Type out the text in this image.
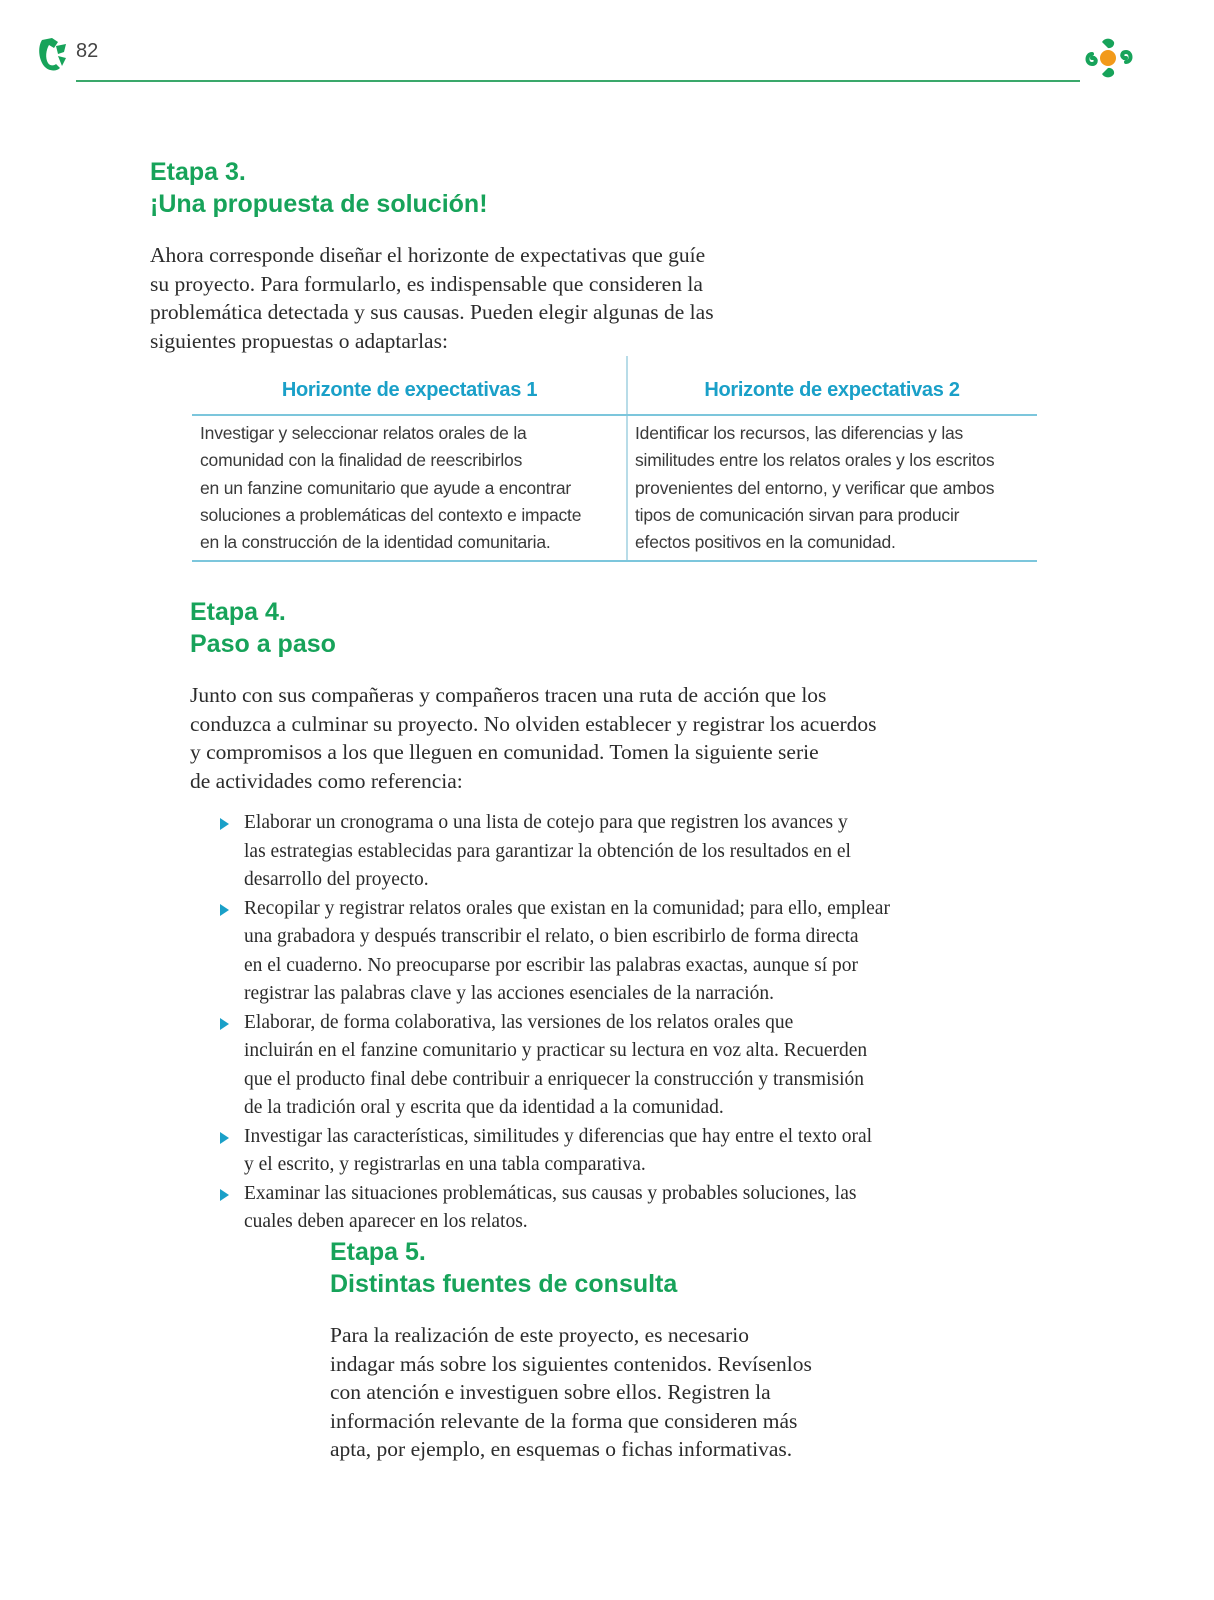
82
Etapa 3.
¡Una propuesta de solución!
Ahora corresponde diseñar el horizonte de expectativas que guíe
su proyecto. Para formularlo, es indispensable que consideren la
problemática detectada y sus causas. Pueden elegir algunas de las
siguientes propuestas o adaptarlas:
Horizonte de expectativas 1
Investigar y seleccionar relatos orales de la
comunidad con la finalidad de reescribirlos
en un fanzine comunitario que ayude a encontrar
soluciones a problemáticas del contexto e impacte
en la construcción de la identidad comunitaria.
Horizonte de expectativas 2
Identificar los recursos, las diferencias y las
similitudes entre los relatos orales y los escritos
provenientes del entorno, y verificar que ambos
tipos de comunicación sirvan para producir
efectos positivos en la comunidad.
Etapa 4.
Paso a paso
Junto con sus compañeras y compañeros tracen una ruta de acción que los
conduzca a culminar su proyecto. No olviden establecer y registrar los acuerdos
y compromisos a los que lleguen en comunidad. Tomen la siguiente serie
de actividades como referencia:
Elaborar un cronograma o una lista de cotejo para que registren los avances y
las estrategias establecidas para garantizar la obtención de los resultados en el
desarrollo del proyecto.
Recopilar y registrar relatos orales que existan en la comunidad; para ello, emplear
una grabadora y después transcribir el relato, o bien escribirlo de forma directa
en el cuaderno. No preocuparse por escribir las palabras exactas, aunque sí por
registrar las palabras clave y las acciones esenciales de la narración.
Elaborar, de forma colaborativa, las versiones de los relatos orales que
incluirán en el fanzine comunitario y practicar su lectura en voz alta. Recuerden
que el producto final debe contribuir a enriquecer la construcción y transmisión
de la tradición oral y escrita que da identidad a la comunidad.
Investigar las características, similitudes y diferencias que hay entre el texto oral
y el escrito, y registrarlas en una tabla comparativa.
Examinar las situaciones problemáticas, sus causas y probables soluciones, las
cuales deben aparecer en los relatos.
Etapa 5.
Distintas fuentes de consulta
Para la realización de este proyecto, es necesario
indagar más sobre los siguientes contenidos. Revísenlos
con atención e investiguen sobre ellos. Registren la
información relevante de la forma que consideren más
apta, por ejemplo, en esquemas o fichas informativas.
